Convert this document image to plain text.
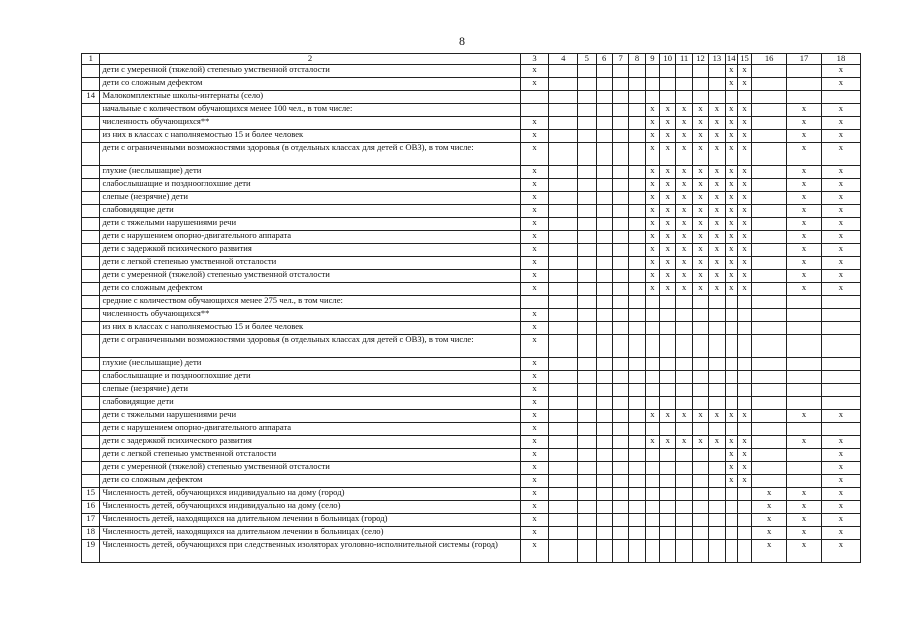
8
1	2	3	4	5	6	7	8	9	10	11	12	13	14	15	16	17	18
	дети с умеренной (тяжелой) степенью умственной отсталости	х											х	х			х
	дети со сложным дефектом	х											х	х			х
14	Малокомплектные школы-интернаты (село)																
	начальные с количеством обучающихся менее 100 чел., в том числе:							х	х	х	х	х	х	х		х	х
	численность обучающихся**	х						х	х	х	х	х	х	х		х	х
	из них в классах с наполняемостью 15 и более человек	х						х	х	х	х	х	х	х		х	х
	дети с ограниченными возможностями здоровья (в отдельных классах для детей с ОВЗ), в том числе:	х						х	х	х	х	х	х	х		х	х
	глухие (неслышащие) дети	х						х	х	х	х	х	х	х		х	х
	слабослышащие и позднооглохшие дети	х						х	х	х	х	х	х	х		х	х
	слепые (незрячие) дети	х						х	х	х	х	х	х	х		х	х
	слабовидящие дети	х						х	х	х	х	х	х	х		х	х
	дети с тяжелыми нарушениями речи	х						х	х	х	х	х	х	х		х	х
	дети с нарушением опорно-двигательного аппарата	х						х	х	х	х	х	х	х		х	х
	дети с задержкой психического развития	х						х	х	х	х	х	х	х		х	х
	дети с легкой степенью умственной отсталости	х						х	х	х	х	х	х	х		х	х
	дети с умеренной (тяжелой) степенью умственной отсталости	х						х	х	х	х	х	х	х		х	х
	дети со сложным дефектом	х						х	х	х	х	х	х	х		х	х
	средние с количеством обучающихся менее 275 чел., в том числе:																
	численность обучающихся**	х															
	из них в классах с наполняемостью 15 и более человек	х															
	дети с ограниченными возможностями здоровья (в отдельных классах для детей с ОВЗ), в том числе:	х															
	глухие (неслышащие) дети	х															
	слабослышащие и позднооглохшие дети	х															
	слепые (незрячие) дети	х															
	слабовидящие дети	х															
	дети с тяжелыми нарушениями речи	х						х	х	х	х	х	х	х		х	х
	дети с нарушением опорно-двигательного аппарата	х															
	дети с задержкой психического развития	х						х	х	х	х	х	х	х		х	х
	дети с легкой степенью умственной отсталости	х											х	х			х
	дети с умеренной (тяжелой) степенью умственной отсталости	х											х	х			х
	дети со сложным дефектом	х											х	х			х
15	Численность детей, обучающихся индивидуально на дому (город)	х													х	х	х
16	Численность детей, обучающихся индивидуально на дому (село)	х													х	х	х
17	Численность детей, находящихся на длительном лечении в больницах (город)	х													х	х	х
18	Численность детей, находящихся на длительном лечении в больницах (село)	х													х	х	х
19	Численность детей, обучающихся при следственных изоляторах уголовно-исполнительной системы (город)	х													х	х	х
